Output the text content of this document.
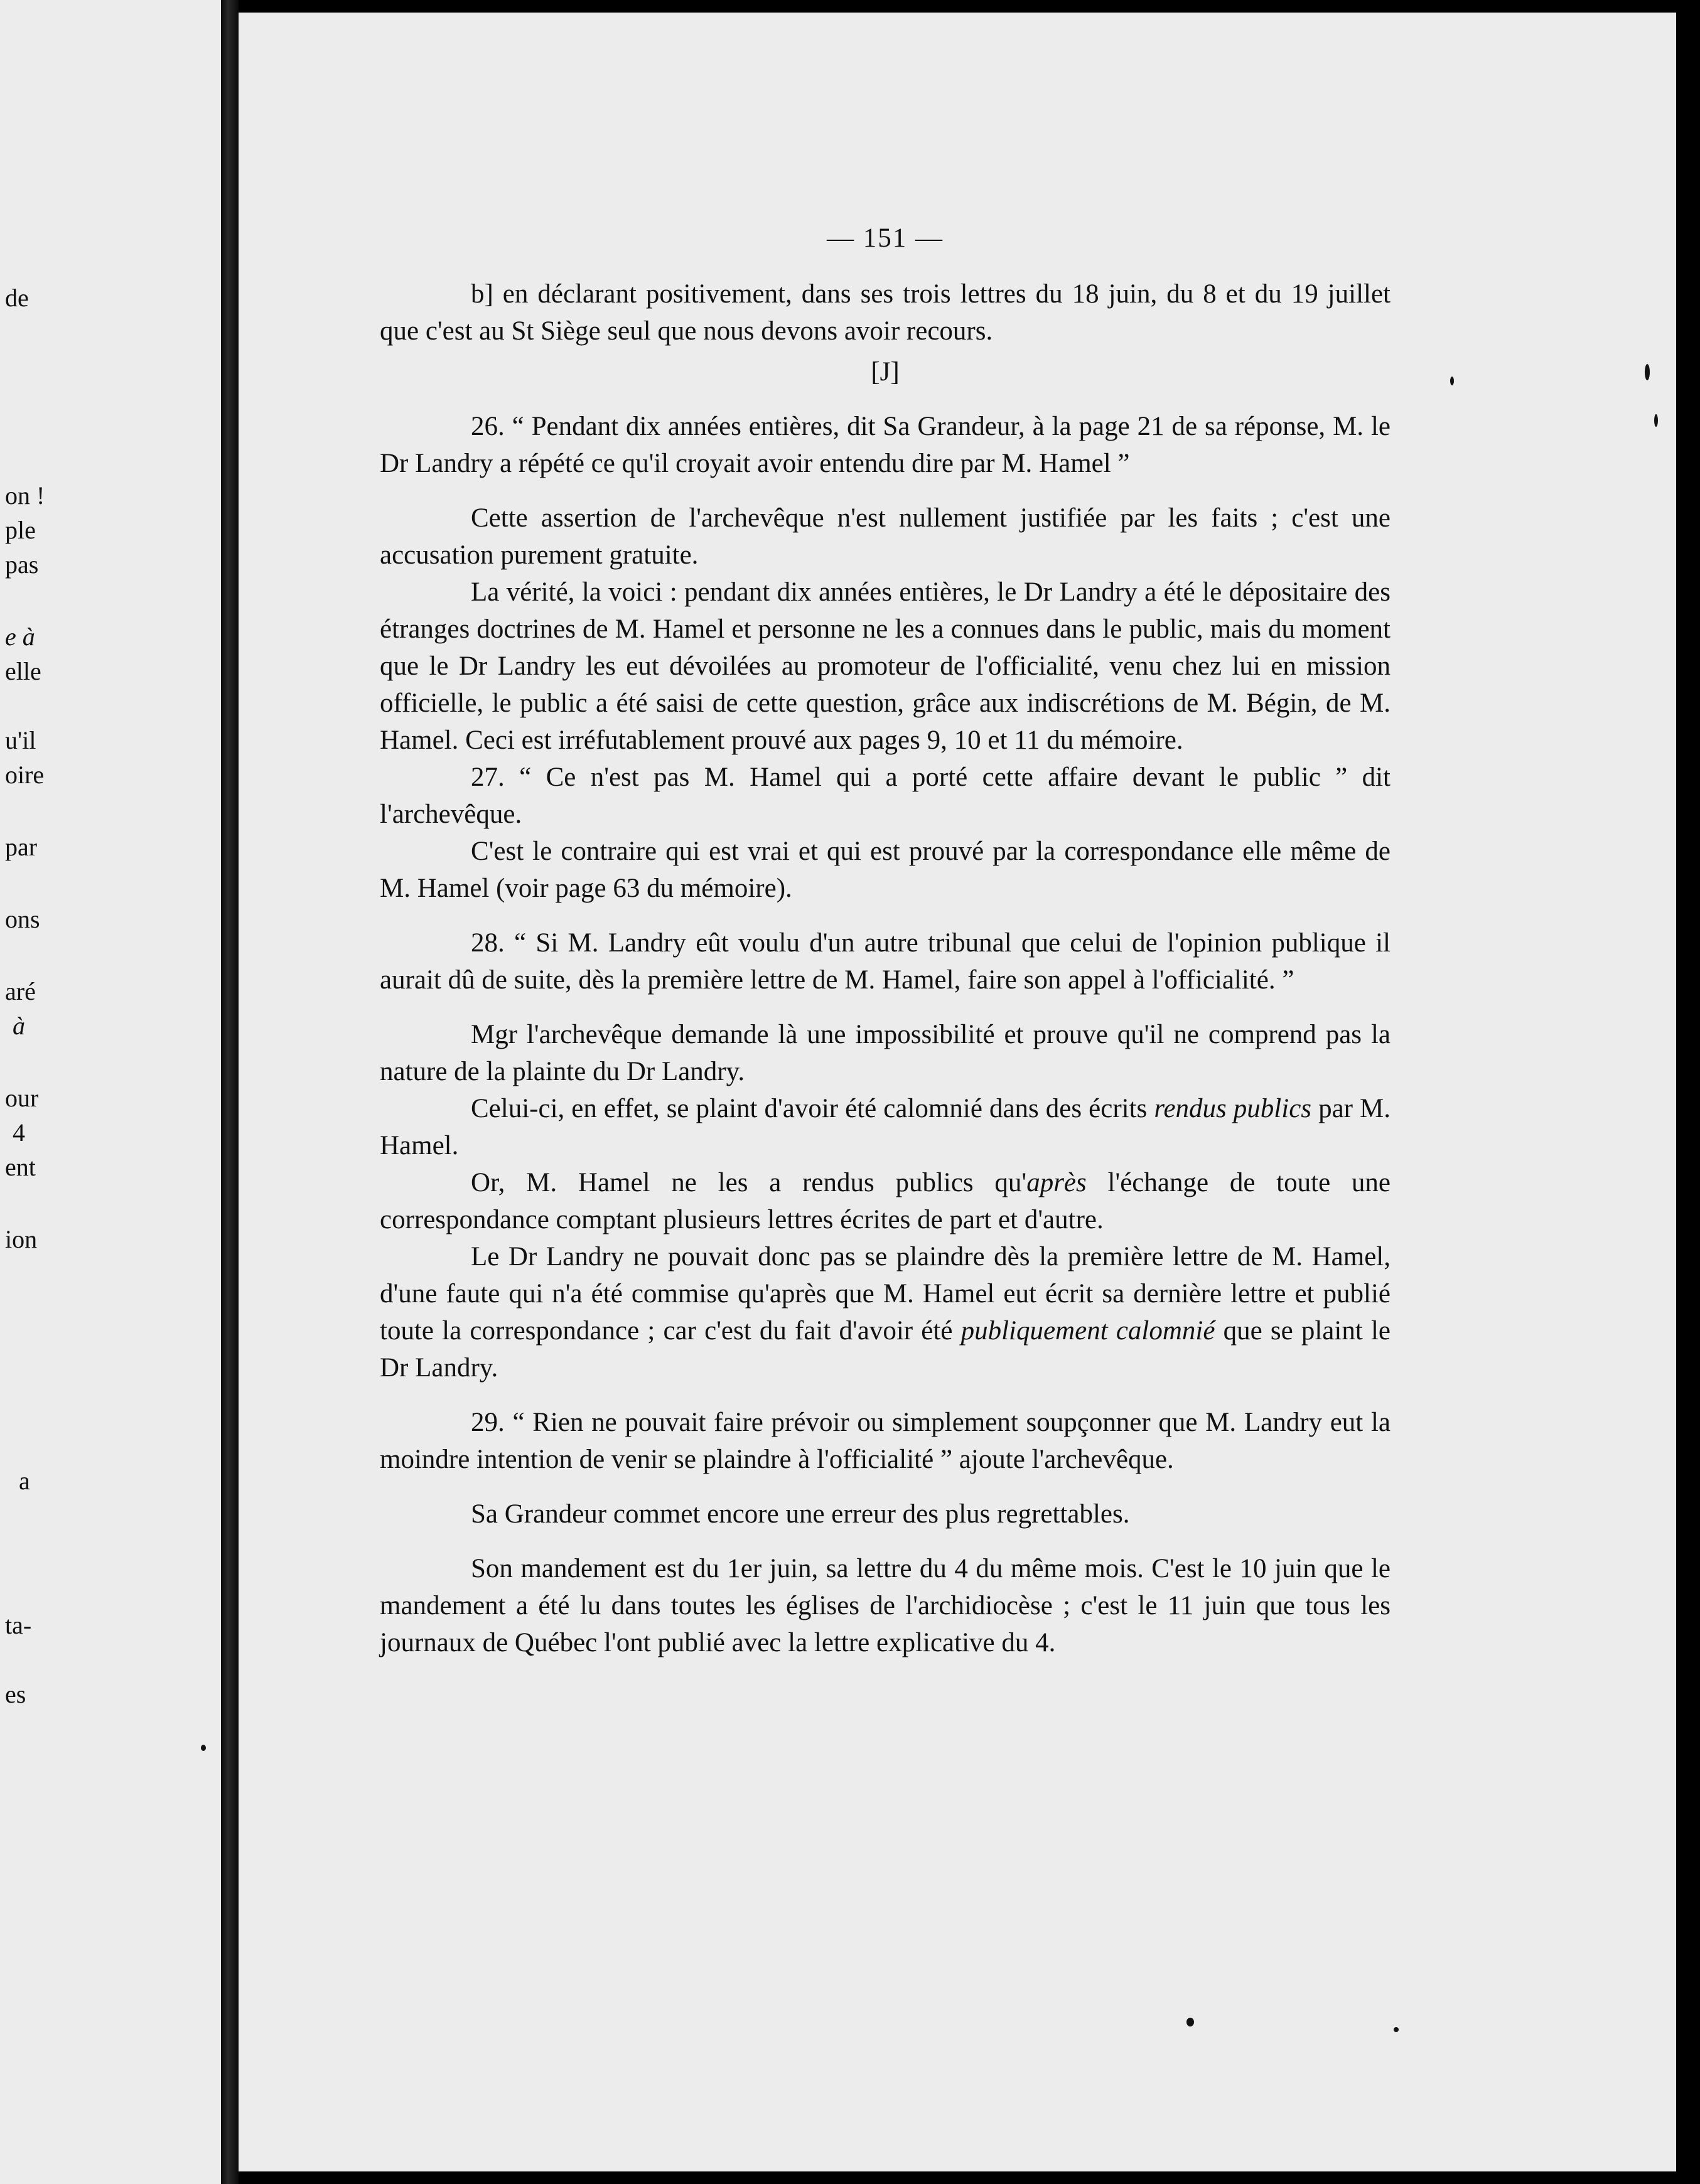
de
on !
ple
pas
e à
elle
u'il
oire
par
ons
aré
à
our
4
ent
ion
a
ta-
es
— 151 —

b] en déclarant positivement, dans ses trois lettres du 18 juin, du 8 et du 19 juillet que c'est au St Siège seul que nous devons avoir recours.

[J]

26. “ Pendant dix années entières, dit Sa Grandeur, à la page 21 de sa réponse, M. le Dr Landry a répété ce qu'il croyait avoir entendu dire par M. Hamel ”

Cette assertion de l'archevêque n'est nullement justifiée par les faits ; c'est une accusation purement gratuite.

La vérité, la voici : pendant dix années entières, le Dr Landry a été le dépositaire des étranges doctrines de M. Hamel et personne ne les a connues dans le public, mais du moment que le Dr Landry les eut dévoilées au promoteur de l'officialité, venu chez lui en mission officielle, le public a été saisi de cette question, grâce aux indiscrétions de M. Bégin, de M. Hamel. Ceci est irréfutablement prouvé aux pages 9, 10 et 11 du mémoire.

27. “ Ce n'est pas M. Hamel qui a porté cette affaire devant le public ” dit l'archevêque.

C'est le contraire qui est vrai et qui est prouvé par la correspondance elle même de M. Hamel (voir page 63 du mémoire).

28. “ Si M. Landry eût voulu d'un autre tribunal que celui de l'opinion publique il aurait dû de suite, dès la première lettre de M. Hamel, faire son appel à l'officialité. ”

Mgr l'archevêque demande là une impossibilité et prouve qu'il ne comprend pas la nature de la plainte du Dr Landry.

Celui-ci, en effet, se plaint d'avoir été calomnié dans des écrits rendus publics par M. Hamel.

Or, M. Hamel ne les a rendus publics qu'après l'échange de toute une correspondance comptant plusieurs lettres écrites de part et d'autre.

Le Dr Landry ne pouvait donc pas se plaindre dès la première lettre de M. Hamel, d'une faute qui n'a été commise qu'après que M. Hamel eut écrit sa dernière lettre et publié toute la correspondance ; car c'est du fait d'avoir été publiquement calomnié que se plaint le Dr Landry.

29. “ Rien ne pouvait faire prévoir ou simplement soupçonner que M. Landry eut la moindre intention de venir se plaindre à l'officialité ” ajoute l'archevêque.

Sa Grandeur commet encore une erreur des plus regrettables.

Son mandement est du 1er juin, sa lettre du 4 du même mois. C'est le 10 juin que le mandement a été lu dans toutes les églises de l'archidiocèse ; c'est le 11 juin que tous les journaux de Québec l'ont publié avec la lettre explicative du 4.
